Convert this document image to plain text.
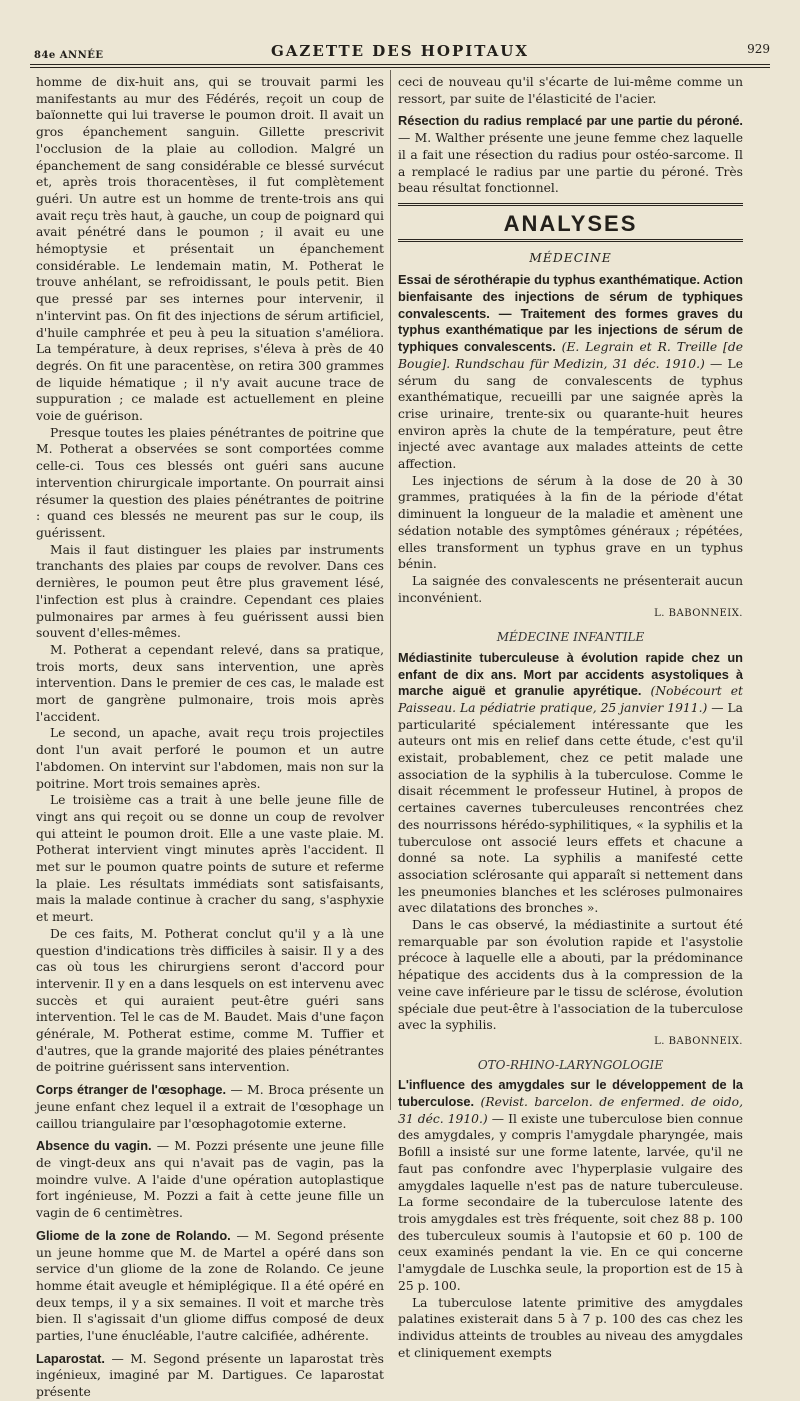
84e ANNÉE	GAZETTE DES HOPITAUX	929

homme de dix-huit ans, qui se trouvait parmi les manifestants au mur des Fédérés, reçoit un coup de baïonnette qui lui traverse le poumon droit. Il avait un gros épanchement sanguin. Gillette prescrivit l'occlusion de la plaie au collodion. Malgré un épanchement de sang considérable ce blessé survécut et, après trois thoracentèses, il fut complètement guéri. Un autre est un homme de trente-trois ans qui avait reçu très haut, à gauche, un coup de poignard qui avait pénétré dans le poumon ; il avait eu une hémoptysie et présentait un épanchement considérable. Le lendemain matin, M. Potherat le trouve anhélant, se refroidissant, le pouls petit. Bien que pressé par ses internes pour intervenir, il n'intervint pas. On fit des injections de sérum artificiel, d'huile camphrée et peu à peu la situation s'améliora. La température, à deux reprises, s'éleva à près de 40 degrés. On fit une paracentèse, on retira 300 grammes de liquide hématique ; il n'y avait aucune trace de suppuration ; ce malade est actuellement en pleine voie de guérison.

Presque toutes les plaies pénétrantes de poitrine que M. Potherat a observées se sont comportées comme celle-ci. Tous ces blessés ont guéri sans aucune intervention chirurgicale importante. On pourrait ainsi résumer la question des plaies pénétrantes de poitrine : quand ces blessés ne meurent pas sur le coup, ils guérissent.

Mais il faut distinguer les plaies par instruments tranchants des plaies par coups de revolver. Dans ces dernières, le poumon peut être plus gravement lésé, l'infection est plus à craindre. Cependant ces plaies pulmonaires par armes à feu guérissent aussi bien souvent d'elles-mêmes.

M. Potherat a cependant relevé, dans sa pratique, trois morts, deux sans intervention, une après intervention. Dans le premier de ces cas, le malade est mort de gangrène pulmonaire, trois mois après l'accident.

Le second, un apache, avait reçu trois projectiles dont l'un avait perforé le poumon et un autre l'abdomen. On intervint sur l'abdomen, mais non sur la poitrine. Mort trois semaines après.

Le troisième cas a trait à une belle jeune fille de vingt ans qui reçoit ou se donne un coup de revolver qui atteint le poumon droit. Elle a une vaste plaie. M. Potherat intervient vingt minutes après l'accident. Il met sur le poumon quatre points de suture et referme la plaie. Les résultats immédiats sont satisfaisants, mais la malade continue à cracher du sang, s'asphyxie et meurt.

De ces faits, M. Potherat conclut qu'il y a là une question d'indications très difficiles à saisir. Il y a des cas où tous les chirurgiens seront d'accord pour intervenir. Il y en a dans lesquels on est intervenu avec succès et qui auraient peut-être guéri sans intervention. Tel le cas de M. Baudet. Mais d'une façon générale, M. Potherat estime, comme M. Tuffier et d'autres, que la grande majorité des plaies pénétrantes de poitrine guérissent sans intervention.

Corps étranger de l'œsophage. — M. Broca présente un jeune enfant chez lequel il a extrait de l'œsophage un caillou triangulaire par l'œsophagotomie externe.

Absence du vagin. — M. Pozzi présente une jeune fille de vingt-deux ans qui n'avait pas de vagin, pas la moindre vulve. A l'aide d'une opération autoplastique fort ingénieuse, M. Pozzi a fait à cette jeune fille un vagin de 6 centimètres.

Gliome de la zone de Rolando. — M. Segond présente un jeune homme que M. de Martel a opéré dans son service d'un gliome de la zone de Rolando. Ce jeune homme était aveugle et hémiplégique. Il a été opéré en deux temps, il y a six semaines. Il voit et marche très bien. Il s'agissait d'un gliome diffus composé de deux parties, l'une énucléable, l'autre calcifiée, adhérente.

Laparostat. — M. Segond présente un laparostat très ingénieux, imaginé par M. Dartigues. Ce laparostat présente

ceci de nouveau qu'il s'écarte de lui-même comme un ressort, par suite de l'élasticité de l'acier.

Résection du radius remplacé par une partie du péroné. — M. Walther présente une jeune femme chez laquelle il a fait une résection du radius pour ostéo-sarcome. Il a remplacé le radius par une partie du péroné. Très beau résultat fonctionnel.

ANALYSES
MÉDECINE

Essai de sérothérapie du typhus exanthématique. Action bienfaisante des injections de sérum de typhiques convalescents. — Traitement des formes graves du typhus exanthématique par les injections de sérum de typhiques convalescents. (E. Legrain et R. Treille [de Bougie]. Rundschau für Medizin, 31 déc. 1910.) — Le sérum du sang de convalescents de typhus exanthématique, recueilli par une saignée après la crise urinaire, trente-six ou quarante-huit heures environ après la chute de la température, peut être injecté avec avantage aux malades atteints de cette affection.

Les injections de sérum à la dose de 20 à 30 grammes, pratiquées à la fin de la période d'état diminuent la longueur de la maladie et amènent une sédation notable des symptômes généraux ; répétées, elles transforment un typhus grave en un typhus bénin.

La saignée des convalescents ne présenterait aucun inconvénient.

L. BABONNEIX.
MÉDECINE INFANTILE

Médiastinite tuberculeuse à évolution rapide chez un enfant de dix ans. Mort par accidents asystoliques à marche aiguë et granulie apyrétique. (Nobécourt et Paisseau. La pédiatrie pratique, 25 janvier 1911.) — La particularité spécialement intéressante que les auteurs ont mis en relief dans cette étude, c'est qu'il existait, probablement, chez ce petit malade une association de la syphilis à la tuberculose. Comme le disait récemment le professeur Hutinel, à propos de certaines cavernes tuberculeuses rencontrées chez des nourrissons hérédo-syphilitiques, « la syphilis et la tuberculose ont associé leurs effets et chacune a donné sa note. La syphilis a manifesté cette association sclérosante qui apparaît si nettement dans les pneumonies blanches et les scléroses pulmonaires avec dilatations des bronches ».

Dans le cas observé, la médiastinite a surtout été remarquable par son évolution rapide et l'asystolie précoce à laquelle elle a abouti, par la prédominance hépatique des accidents dus à la compression de la veine cave inférieure par le tissu de sclérose, évolution spéciale due peut-être à l'association de la tuberculose avec la syphilis.

L. BABONNEIX.
OTO-RHINO-LARYNGOLOGIE

L'influence des amygdales sur le développement de la tuberculose. (Revist. barcelon. de enfermed. de oido, 31 déc. 1910.) — Il existe une tuberculose bien connue des amygdales, y compris l'amygdale pharyngée, mais Bofill a insisté sur une forme latente, larvée, qu'il ne faut pas confondre avec l'hyperplasie vulgaire des amygdales laquelle n'est pas de nature tuberculeuse. La forme secondaire de la tuberculose latente des trois amygdales est très fréquente, soit chez 88 p. 100 des tuberculeux soumis à l'autopsie et 60 p. 100 de ceux examinés pendant la vie. En ce qui concerne l'amygdale de Luschka seule, la proportion est de 15 à 25 p. 100.

La tuberculose latente primitive des amygdales palatines existerait dans 5 à 7 p. 100 des cas chez les individus atteints de troubles au niveau des amygdales et cliniquement exempts
